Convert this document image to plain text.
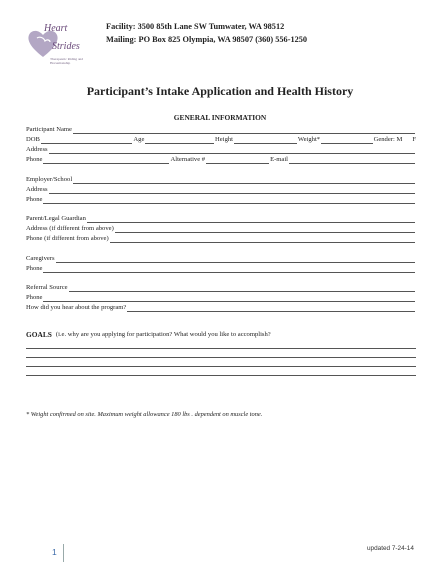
Heart
Strides
Therapeutic Riding and Horsemanship
Facility: 3500 85th Lane SW Tumwater, WA 98512
Mailing: PO Box 825 Olympia, WA 98507 (360) 556-1250
Participant’s Intake Application and Health History
GENERAL INFORMATION
Participant Name
DOB	Age	Height	Weight*	Gender: M F
Address
Phone	Alternative #	E-mail
Employer/School
Address
Phone
Parent/Legal Guardian
Address (if different from above)
Phone (if different from above)
Caregivers
Phone
Referral Source
Phone
How did you hear about the program?
GOALS (i.e. why are you applying for participation? What would you like to accomplish?
* Weight confirmed on site. Maximum weight allowance 180 lbs . dependent on muscle tone.
1	updated 7-24-14
